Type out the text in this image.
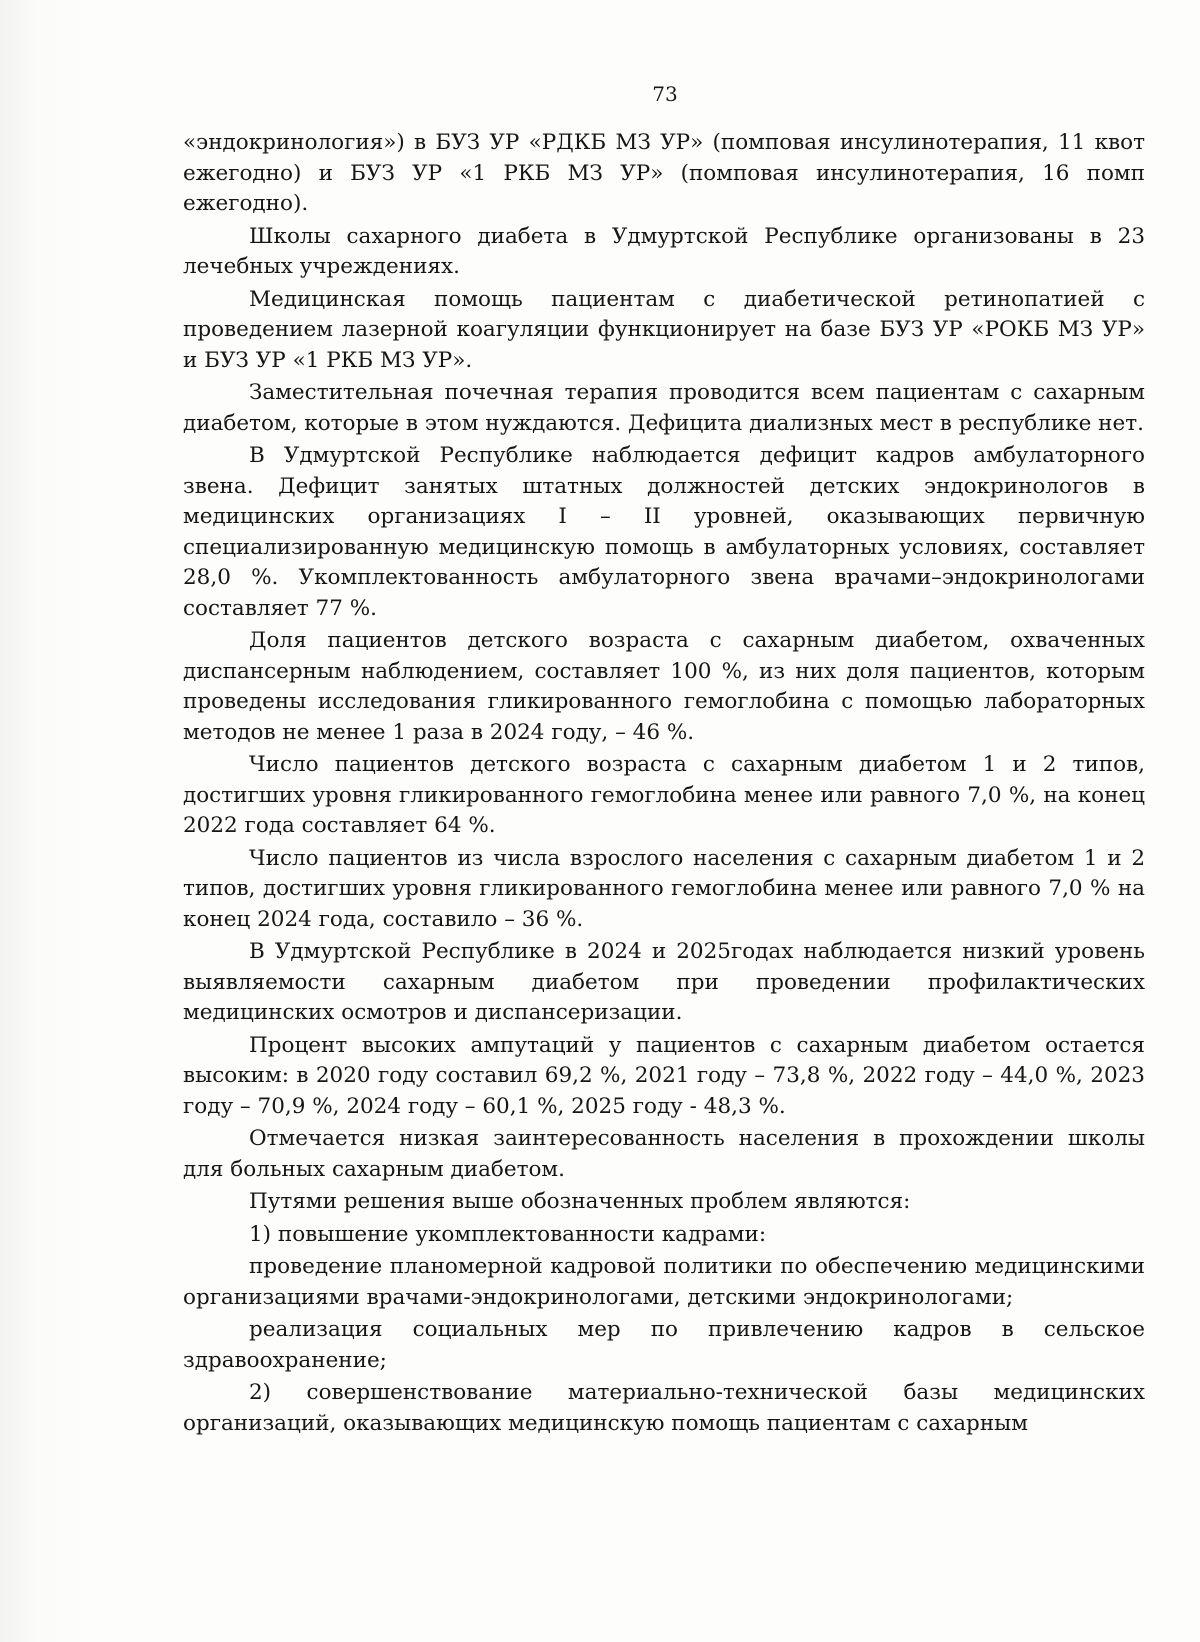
73

«эндокринология») в БУЗ УР «РДКБ МЗ УР» (помповая инсулинотерапия, 11 квот ежегодно) и БУЗ УР «1 РКБ МЗ УР» (помповая инсулинотерапия, 16 помп ежегодно).

Школы сахарного диабета в Удмуртской Республике организованы в 23 лечебных учреждениях.

Медицинская помощь пациентам с диабетической ретинопатией с проведением лазерной коагуляции функционирует на базе БУЗ УР «РОКБ МЗ УР» и БУЗ УР «1 РКБ МЗ УР».

Заместительная почечная терапия проводится всем пациентам с сахарным диабетом, которые в этом нуждаются. Дефицита диализных мест в республике нет.

В Удмуртской Республике наблюдается дефицит кадров амбулаторного звена. Дефицит занятых штатных должностей детских эндокринологов в медицинских организациях I – II уровней, оказывающих первичную специализированную медицинскую помощь в амбулаторных условиях, составляет 28,0 %. Укомплектованность амбулаторного звена врачами–эндокринологами составляет 77 %.

Доля пациентов детского возраста с сахарным диабетом, охваченных диспансерным наблюдением, составляет 100 %, из них доля пациентов, которым проведены исследования гликированного гемоглобина с помощью лабораторных методов не менее 1 раза в 2024 году, – 46 %.

Число пациентов детского возраста с сахарным диабетом 1 и 2 типов, достигших уровня гликированного гемоглобина менее или равного 7,0 %, на конец 2022 года составляет 64 %.

Число пациентов из числа взрослого населения с сахарным диабетом 1 и 2 типов, достигших уровня гликированного гемоглобина менее или равного 7,0 % на конец 2024 года, составило – 36 %.

В Удмуртской Республике в 2024 и 2025годах наблюдается низкий уровень выявляемости сахарным диабетом при проведении профилактических медицинских осмотров и диспансеризации.

Процент высоких ампутаций у пациентов с сахарным диабетом остается высоким: в 2020 году составил 69,2 %, 2021 году – 73,8 %, 2022 году – 44,0 %, 2023 году – 70,9 %, 2024 году – 60,1 %, 2025 году - 48,3 %.

Отмечается низкая заинтересованность населения в прохождении школы для больных сахарным диабетом.

Путями решения выше обозначенных проблем являются:

1) повышение укомплектованности кадрами:

проведение планомерной кадровой политики по обеспечению медицинскими организациями врачами-эндокринологами, детскими эндокринологами;

реализация социальных мер по привлечению кадров в сельское здравоохранение;

2) совершенствование материально-технической базы медицинских организаций, оказывающих медицинскую помощь пациентам с сахарным
